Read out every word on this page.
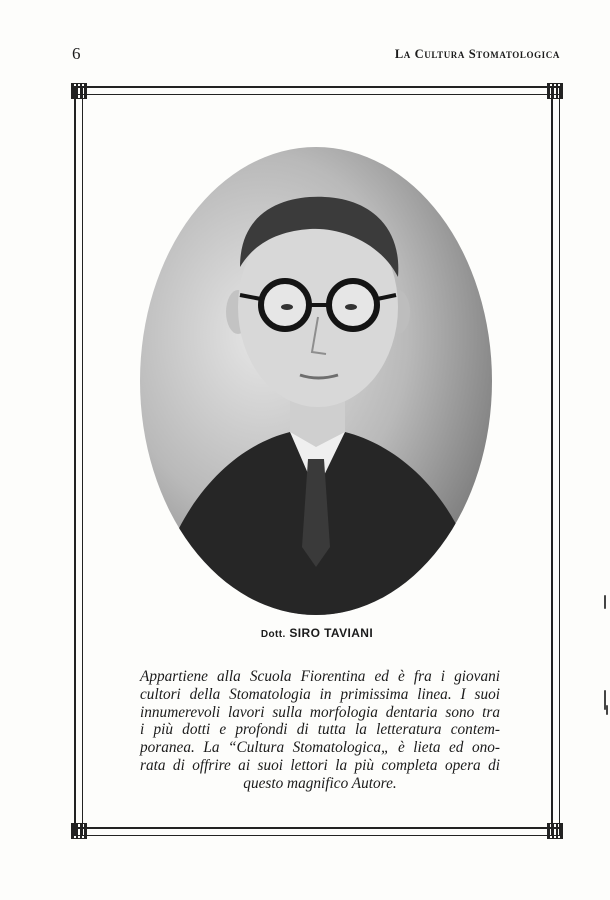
6	La Cultura Stomatologica
Dott. SIRO TAVIANI
Appartiene alla Scuola Fiorentina ed è fra i giovani
cultori della Stomatologia in primissima linea. I suoi
innumerevoli lavori sulla morfologia dentaria sono tra
i più dotti e profondi di tutta la letteratura contem-
poranea. La “Cultura Stomatologica„ è lieta ed ono-
rata di offrire ai suoi lettori la più completa opera di
questo magnifico Autore.
